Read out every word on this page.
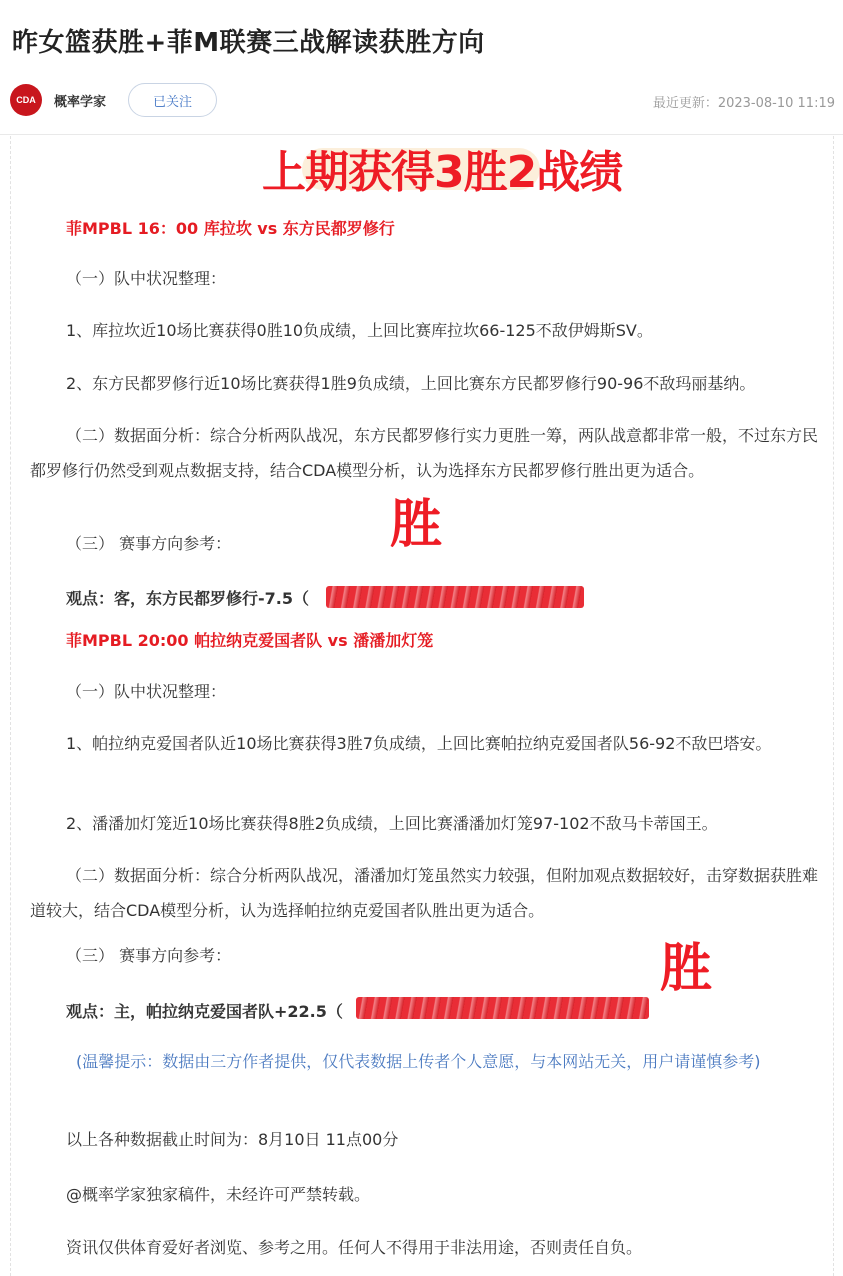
昨女篮获胜+菲M联赛三战解读获胜方向
CDA	概率学家	已关注	最近更新：2023-08-10 11:19
上期获得3胜2战绩

菲MPBL 16：00 库拉坎 vs 东方民都罗修行

（一）队中状况整理：

1、库拉坎近10场比赛获得0胜10负成绩，上回比赛库拉坎66-125不敌伊姆斯SV。

2、东方民都罗修行近10场比赛获得1胜9负成绩，上回比赛东方民都罗修行90-96不敌玛丽基纳。

（二）数据面分析：综合分析两队战况，东方民都罗修行实力更胜一筹，两队战意都非常一般，不过东方民都罗修行仍然受到观点数据支持，结合CDA模型分析，认为选择东方民都罗修行胜出更为适合。

胜

（三） 赛事方向参考：

观点：客，东方民都罗修行-7.5（

菲MPBL 20:00 帕拉纳克爱国者队 vs 潘潘加灯笼

（一）队中状况整理：

1、帕拉纳克爱国者队近10场比赛获得3胜7负成绩，上回比赛帕拉纳克爱国者队56-92不敌巴塔安。

2、潘潘加灯笼近10场比赛获得8胜2负成绩，上回比赛潘潘加灯笼97-102不敌马卡蒂国王。

（二）数据面分析：综合分析两队战况，潘潘加灯笼虽然实力较强，但附加观点数据较好，击穿数据获胜难道较大，结合CDA模型分析，认为选择帕拉纳克爱国者队胜出更为适合。

胜

（三） 赛事方向参考：

观点：主，帕拉纳克爱国者队+22.5（

(温馨提示：数据由三方作者提供，仅代表数据上传者个人意愿，与本网站无关，用户请谨慎参考)

以上各种数据截止时间为：8月10日 11点00分

@概率学家独家稿件，未经许可严禁转载。

资讯仅供体育爱好者浏览、参考之用。任何人不得用于非法用途，否则责任自负。
